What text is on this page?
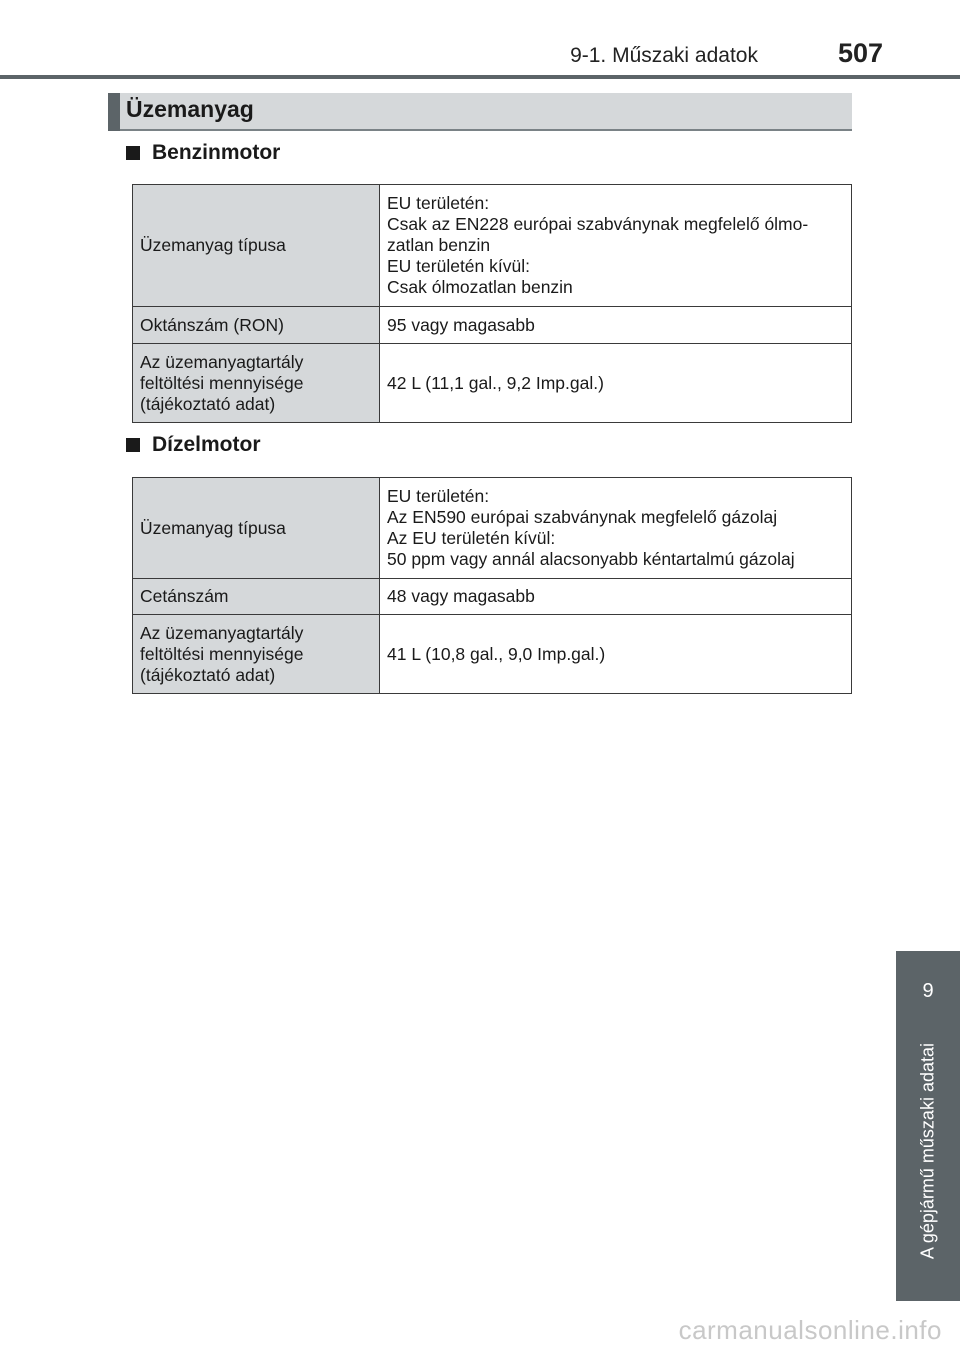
9-1. Műszaki adatok	507
Üzemanyag
Benzinmotor
Üzemanyag típusa	EU területén:
Csak az EN228 európai szabványnak megfelelő ólmo-
zatlan benzin
EU területén kívül:
Csak ólmozatlan benzin

Oktánszám (RON)	95 vagy magasabb

Az üzemanyagtartály
feltöltési mennyisége
(tájékoztató adat)	42 L (11,1 gal., 9,2 Imp.gal.)
Dízelmotor
Üzemanyag típusa	EU területén:
Az EN590 európai szabványnak megfelelő gázolaj
Az EU területén kívül:
50 ppm vagy annál alacsonyabb kéntartalmú gázolaj

Cetánszám	48 vagy magasabb

Az üzemanyagtartály
feltöltési mennyisége
(tájékoztató adat)	41 L (10,8 gal., 9,0 Imp.gal.)
9
A gépjármű műszaki adatai
carmanualsonline.info
